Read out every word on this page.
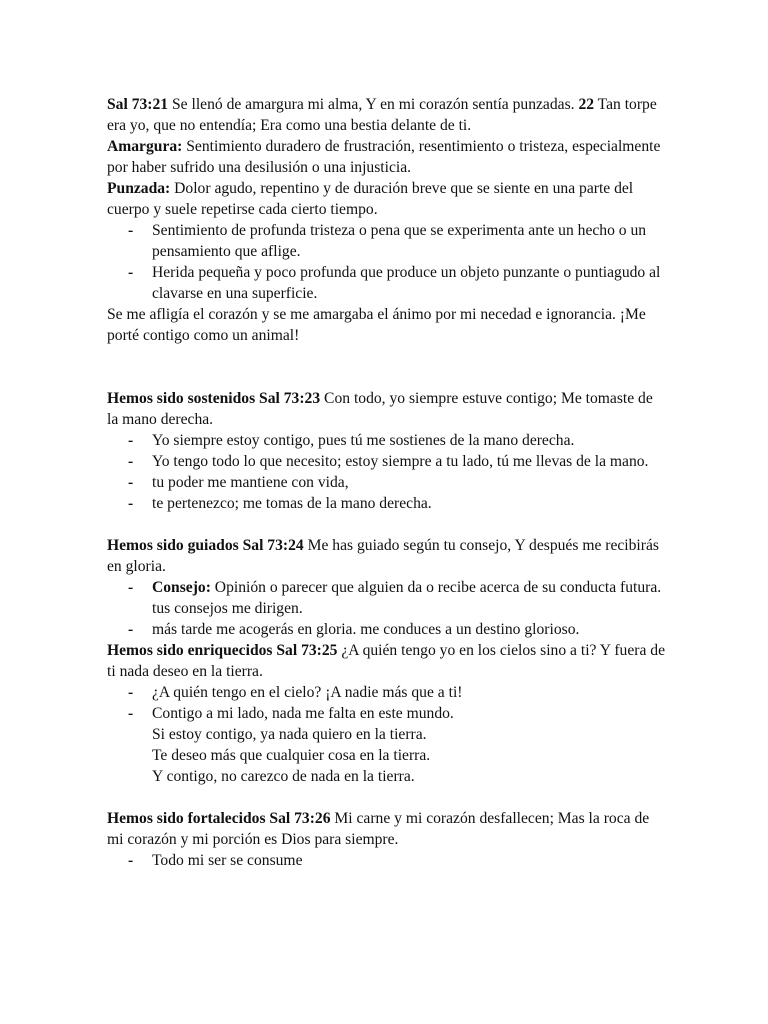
Sal 73:21 Se llenó de amargura mi alma, Y en mi corazón sentía punzadas. 22 Tan torpe era yo, que no entendía; Era como una bestia delante de ti.

Amargura: Sentimiento duradero de frustración, resentimiento o tristeza, especialmente por haber sufrido una desilusión o una injusticia.

Punzada: Dolor agudo, repentino y de duración breve que se siente en una parte del cuerpo y suele repetirse cada cierto tiempo.

- Sentimiento de profunda tristeza o pena que se experimenta ante un hecho o un pensamiento que aflige.
- Herida pequeña y poco profunda que produce un objeto punzante o puntiagudo al clavarse en una superficie.

Se me afligía el corazón y se me amargaba el ánimo por mi necedad e ignorancia. ¡Me porté contigo como un animal!

Hemos sido sostenidos Sal 73:23 Con todo, yo siempre estuve contigo; Me tomaste de la mano derecha.

- Yo siempre estoy contigo, pues tú me sostienes de la mano derecha.
- Yo tengo todo lo que necesito; estoy siempre a tu lado, tú me llevas de la mano.
- tu poder me mantiene con vida,
- te pertenezco; me tomas de la mano derecha.

Hemos sido guiados Sal 73:24 Me has guiado según tu consejo, Y después me recibirás en gloria.

- Consejo: Opinión o parecer que alguien da o recibe acerca de su conducta futura. tus consejos me dirigen.
- más tarde me acogerás en gloria. me conduces a un destino glorioso.

Hemos sido enriquecidos Sal 73:25 ¿A quién tengo yo en los cielos sino a ti? Y fuera de ti nada deseo en la tierra.

- ¿A quién tengo en el cielo? ¡A nadie más que a ti!
- Contigo a mi lado, nada me falta en este mundo.

Si estoy contigo, ya nada quiero en la tierra.

Te deseo más que cualquier cosa en la tierra.

Y contigo, no carezco de nada en la tierra.

Hemos sido fortalecidos Sal 73:26 Mi carne y mi corazón desfallecen; Mas la roca de mi corazón y mi porción es Dios para siempre.

- Todo mi ser se consume
